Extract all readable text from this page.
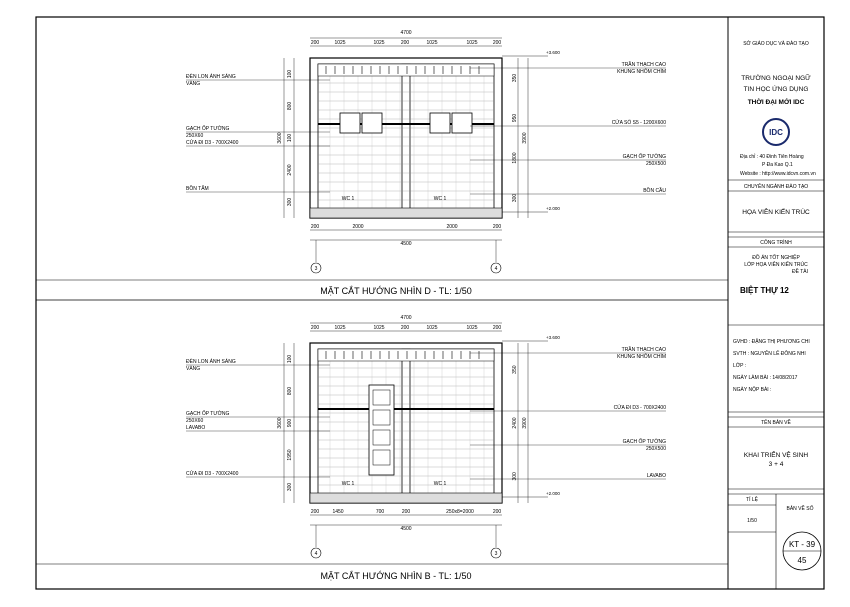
MẶT CẮT HƯỚNG NHÌN D - TL: 1/50
MẶT CẮT HƯỚNG NHÌN B - TL: 1/50
WC 1	WC 1
4700
200	1025	1025	200	1025	1025	200
200	2000	2000	200
4500
3	4
3600
100
800
100
2400
300
3900
350
950
1800
300
+3.600
+2.000
ĐÈN LON ÁNH SÁNG
VÀNG
GẠCH ỐP TƯỜNG
250X60
CỬA ĐI D3 - 700X2400
BỒN TẮM
TRẦN THẠCH CAO
KHUNG NHÔM CHÌM
CỬA SỔ S5 - 1200X600
GẠCH ỐP TƯỜNG
250X500
BỒN CẦU
WC 1	WC 1
4700
200	1025	1025	200	1025	1025	200
200	1450	700	200	250x8=2000	200
4500
4	3
3600
100
800
900
1950
300
3900
350
2400
300
+3.600
+2.000
ĐÈN LON ÁNH SÁNG
VÀNG
GẠCH ỐP TƯỜNG
250X60
LAVABO
CỬA ĐI D3 - 700X2400
TRẦN THẠCH CAO
KHUNG NHÔM CHÌM
CỬA ĐI D3 - 700X2400
GẠCH ỐP TƯỜNG
250X500
LAVABO
SỞ GIÁO DỤC VÀ ĐÀO TẠO
TRƯỜNG NGOẠI NGỮ
TIN HỌC ỨNG DỤNG
THỜI ĐẠI MỚI IDC
IDC
Địa chỉ : 40 Đinh Tiên Hoàng
P Đa Kao Q.1
Website : http://www.idcvn.com.vn
CHUYÊN NGÀNH ĐÀO TẠO
HỌA VIÊN KIẾN TRÚC
CÔNG TRÌNH
ĐỒ ÁN TỐT NGHIỆP
LỚP HỌA VIÊN KIẾN TRÚC
ĐỀ TÀI
BIỆT THỰ 12
GVHD : ĐẶNG THỊ PHƯƠNG CHI
SVTH : NGUYỄN LÊ ĐÔNG NHI
LỚP :
NGÀY LÀM BÀI : 14/08/2017
NGÀY NỘP BÀI :
TÊN BẢN VẼ
KHAI TRIỂN VỆ SINH
3 + 4
TỈ LỆ
1/50
BẢN VẼ SỐ
KT - 39
45
